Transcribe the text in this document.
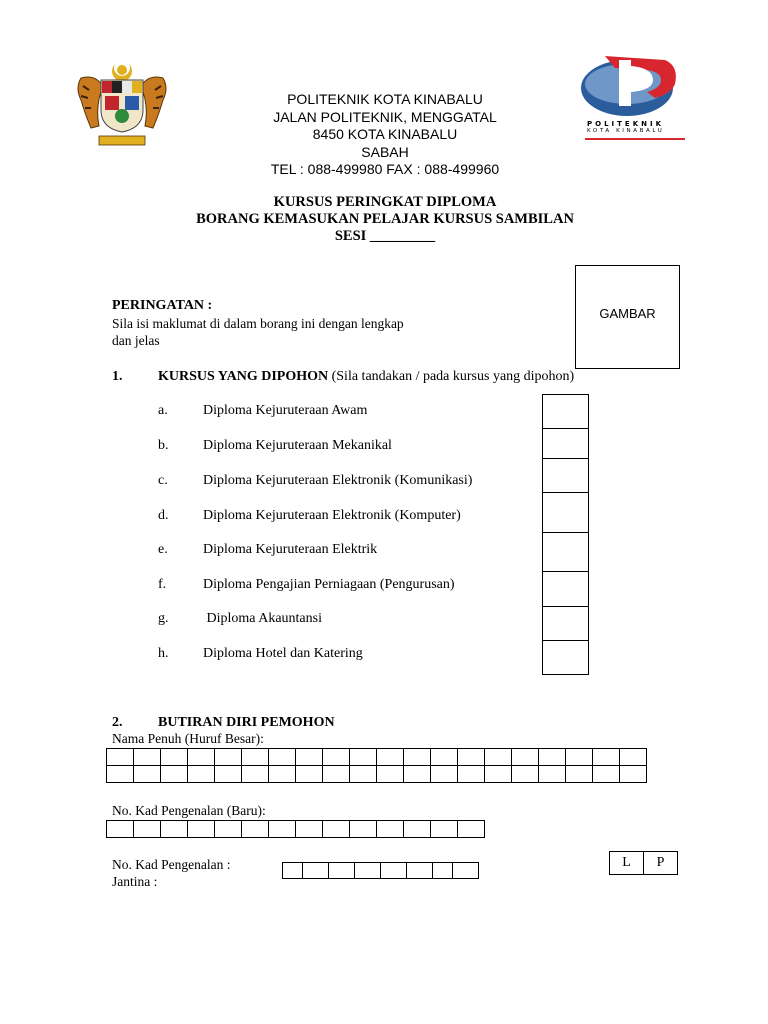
POLITEKNIK
KOTA KINABALU
POLITEKNIK KOTA KINABALU
JALAN POLITEKNIK, MENGGATAL
8450 KOTA KINABALU
SABAH
TEL : 088-499980 FAX : 088-499960
KURSUS PERINGKAT DIPLOMA
BORANG KEMASUKAN PELAJAR KURSUS SAMBILAN
SESI _________
GAMBAR
PERINGATAN :
Sila isi maklumat di dalam borang ini dengan lengkap
dan jelas
1.	KURSUS YANG DIPOHON (Sila tandakan / pada kursus yang dipohon)
a.	Diploma Kejuruteraan Awam
b. Diploma Kejuruteraan Mekanikal
c.	Diploma Kejuruteraan Elektronik (Komunikasi)
d. Diploma Kejuruteraan Elektronik (Komputer)
e.	Diploma Kejuruteraan Elektrik
f.	Diploma Pengajian Perniagaan (Pengurusan)
g. Diploma Akauntansi
h. Diploma Hotel dan Katering
2.	BUTIRAN DIRI PEMOHON
Nama Penuh (Huruf Besar):

No. Kad Pengenalan (Baru):

No. Kad Pengenalan :
Jantina :

L	P
